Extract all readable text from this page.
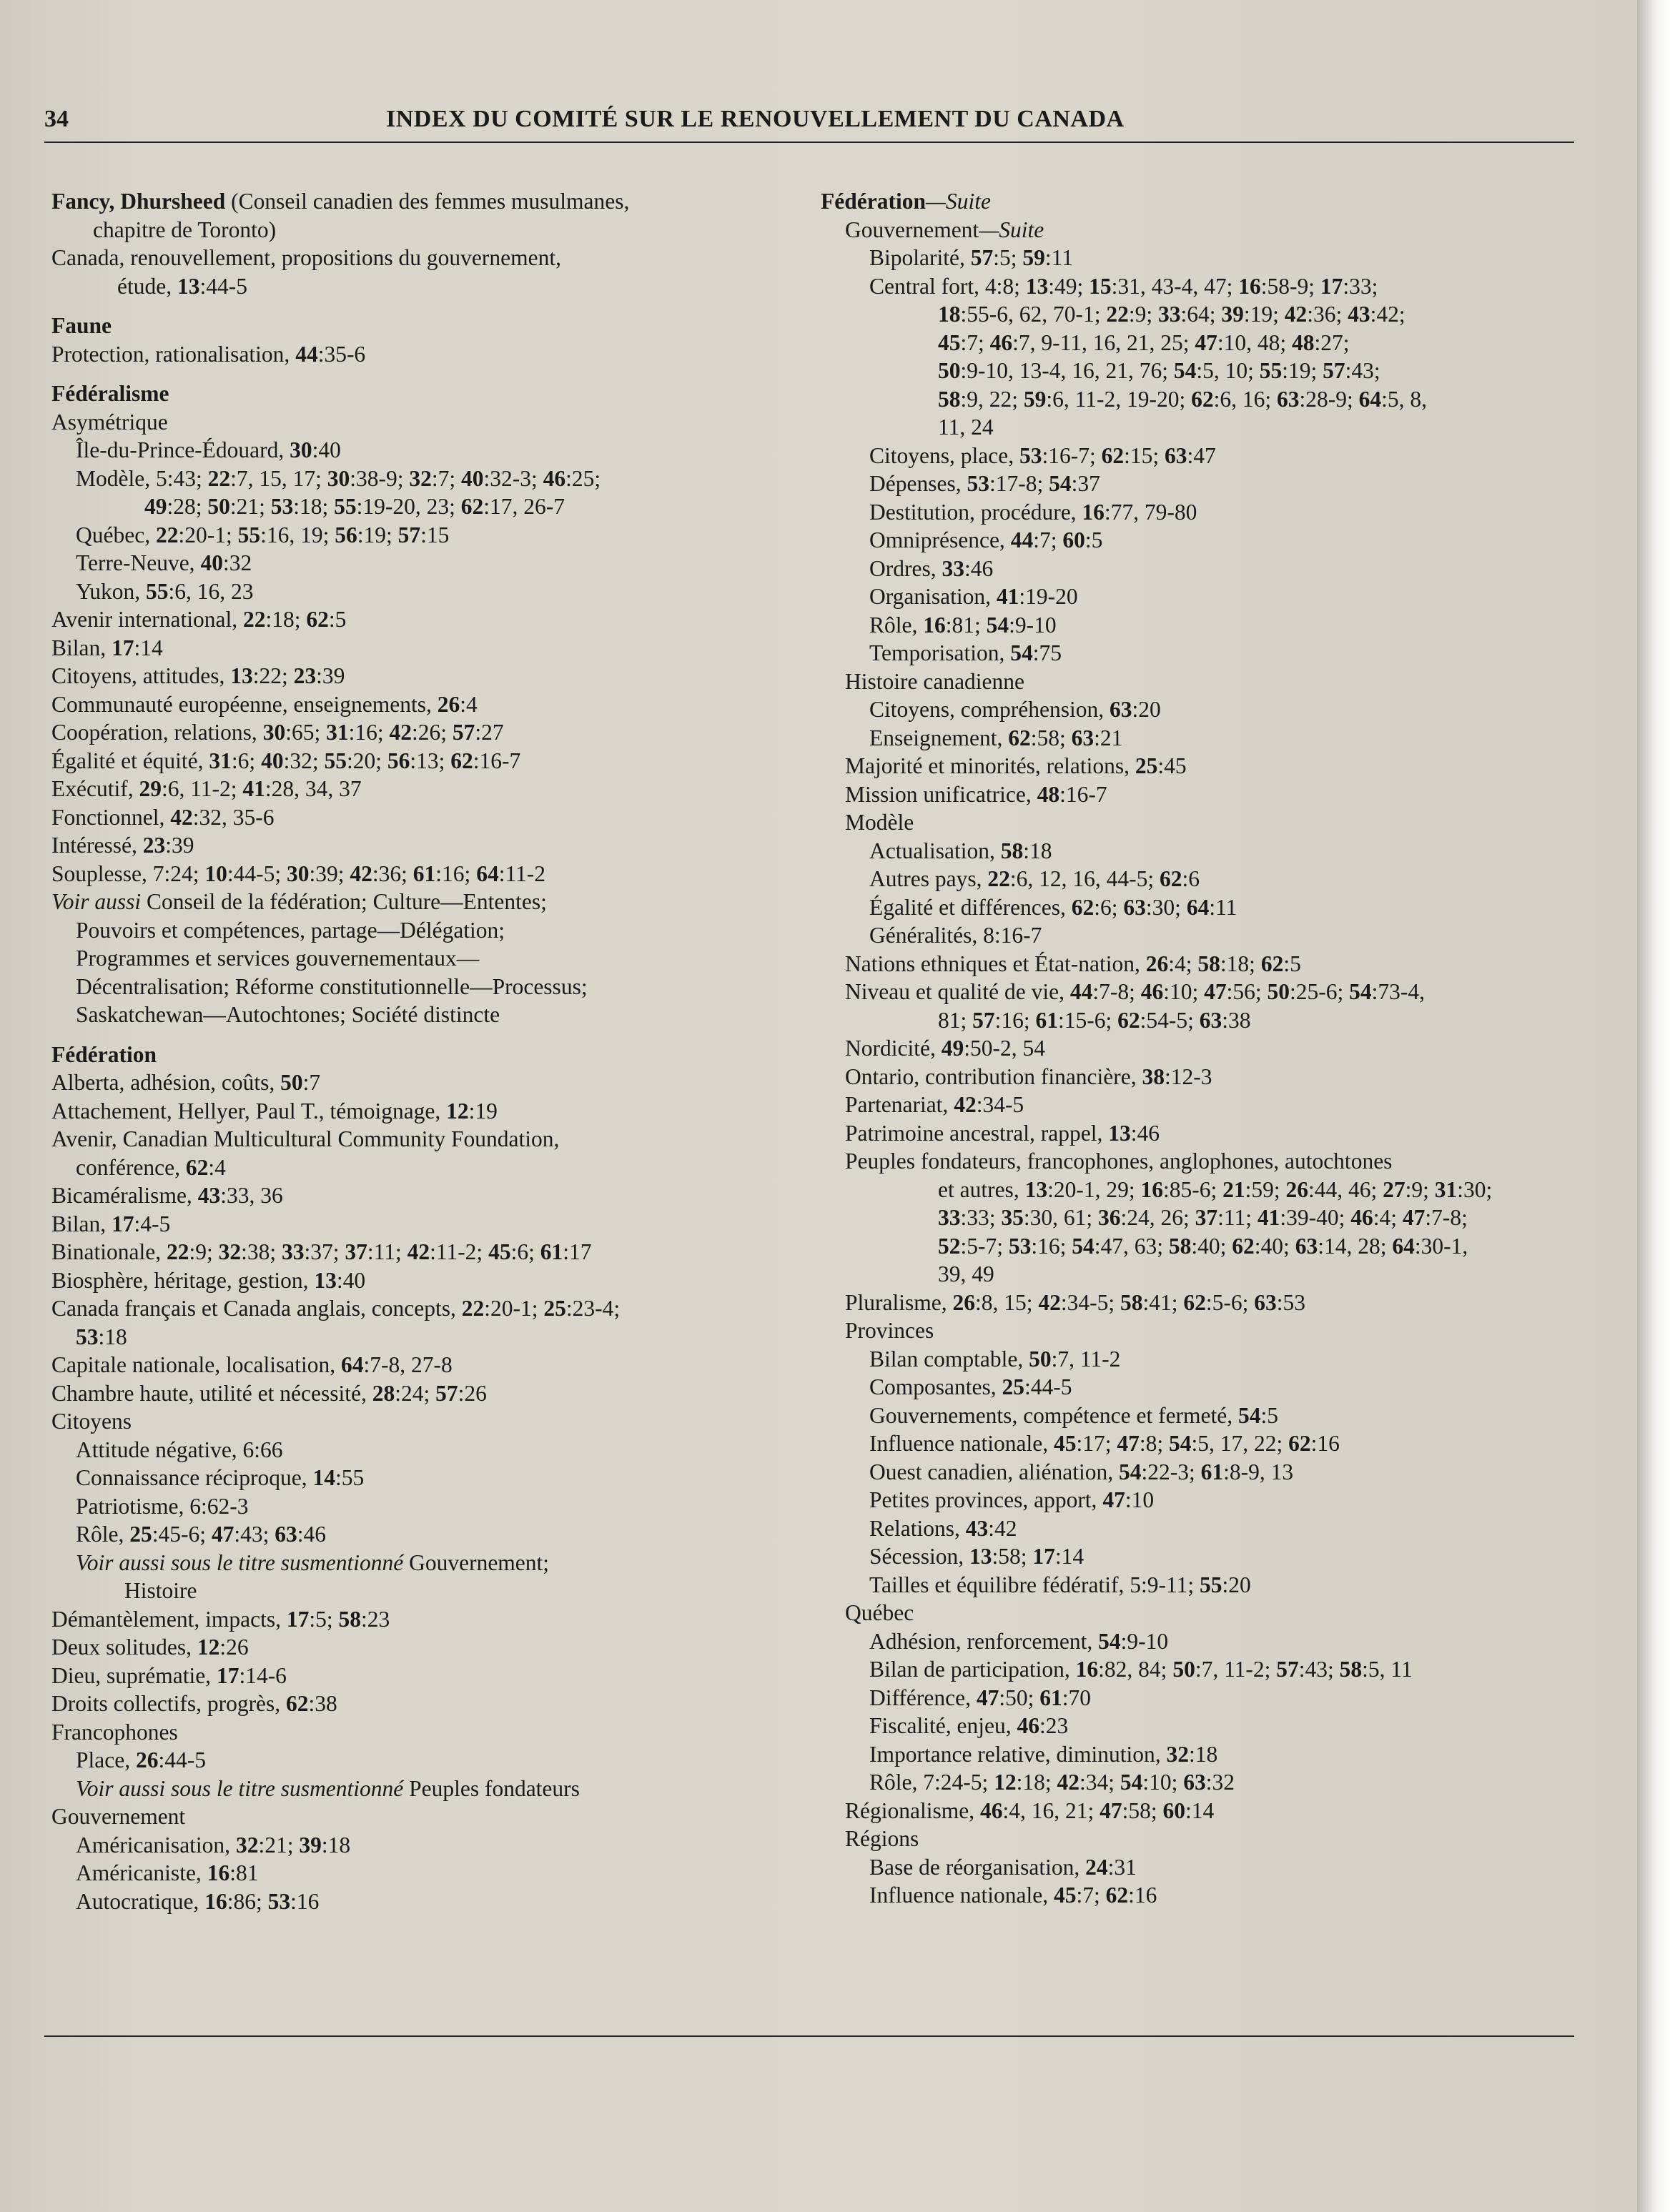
34	INDEX DU COMITÉ SUR LE RENOUVELLEMENT DU CANADA
Fancy, Dhursheed (Conseil canadien des femmes musulmanes,
chapitre de Toronto)
Canada, renouvellement, propositions du gouvernement,
étude, 13:44-5
Faune
Protection, rationalisation, 44:35-6
Fédéralisme
Asymétrique
Île-du-Prince-Édouard, 30:40
Modèle, 5:43; 22:7, 15, 17; 30:38-9; 32:7; 40:32-3; 46:25;
49:28; 50:21; 53:18; 55:19-20, 23; 62:17, 26-7
Québec, 22:20-1; 55:16, 19; 56:19; 57:15
Terre-Neuve, 40:32
Yukon, 55:6, 16, 23
Avenir international, 22:18; 62:5
Bilan, 17:14
Citoyens, attitudes, 13:22; 23:39
Communauté européenne, enseignements, 26:4
Coopération, relations, 30:65; 31:16; 42:26; 57:27
Égalité et équité, 31:6; 40:32; 55:20; 56:13; 62:16-7
Exécutif, 29:6, 11-2; 41:28, 34, 37
Fonctionnel, 42:32, 35-6
Intéressé, 23:39
Souplesse, 7:24; 10:44-5; 30:39; 42:36; 61:16; 64:11-2
Voir aussi Conseil de la fédération; Culture—Ententes;
Pouvoirs et compétences, partage—Délégation;
Programmes et services gouvernementaux—
Décentralisation; Réforme constitutionnelle—Processus;
Saskatchewan—Autochtones; Société distincte
Fédération
Alberta, adhésion, coûts, 50:7
Attachement, Hellyer, Paul T., témoignage, 12:19
Avenir, Canadian Multicultural Community Foundation,
conférence, 62:4
Bicaméralisme, 43:33, 36
Bilan, 17:4-5
Binationale, 22:9; 32:38; 33:37; 37:11; 42:11-2; 45:6; 61:17
Biosphère, héritage, gestion, 13:40
Canada français et Canada anglais, concepts, 22:20-1; 25:23-4;
53:18
Capitale nationale, localisation, 64:7-8, 27-8
Chambre haute, utilité et nécessité, 28:24; 57:26
Citoyens
Attitude négative, 6:66
Connaissance réciproque, 14:55
Patriotisme, 6:62-3
Rôle, 25:45-6; 47:43; 63:46
Voir aussi sous le titre susmentionné Gouvernement;
Histoire
Démantèlement, impacts, 17:5; 58:23
Deux solitudes, 12:26
Dieu, suprématie, 17:14-6
Droits collectifs, progrès, 62:38
Francophones
Place, 26:44-5
Voir aussi sous le titre susmentionné Peuples fondateurs
Gouvernement
Américanisation, 32:21; 39:18
Américaniste, 16:81
Autocratique, 16:86; 53:16
Fédération—Suite
Gouvernement—Suite
Bipolarité, 57:5; 59:11
Central fort, 4:8; 13:49; 15:31, 43-4, 47; 16:58-9; 17:33;
18:55-6, 62, 70-1; 22:9; 33:64; 39:19; 42:36; 43:42;
45:7; 46:7, 9-11, 16, 21, 25; 47:10, 48; 48:27;
50:9-10, 13-4, 16, 21, 76; 54:5, 10; 55:19; 57:43;
58:9, 22; 59:6, 11-2, 19-20; 62:6, 16; 63:28-9; 64:5, 8,
11, 24
Citoyens, place, 53:16-7; 62:15; 63:47
Dépenses, 53:17-8; 54:37
Destitution, procédure, 16:77, 79-80
Omniprésence, 44:7; 60:5
Ordres, 33:46
Organisation, 41:19-20
Rôle, 16:81; 54:9-10
Temporisation, 54:75
Histoire canadienne
Citoyens, compréhension, 63:20
Enseignement, 62:58; 63:21
Majorité et minorités, relations, 25:45
Mission unificatrice, 48:16-7
Modèle
Actualisation, 58:18
Autres pays, 22:6, 12, 16, 44-5; 62:6
Égalité et différences, 62:6; 63:30; 64:11
Généralités, 8:16-7
Nations ethniques et État-nation, 26:4; 58:18; 62:5
Niveau et qualité de vie, 44:7-8; 46:10; 47:56; 50:25-6; 54:73-4,
81; 57:16; 61:15-6; 62:54-5; 63:38
Nordicité, 49:50-2, 54
Ontario, contribution financière, 38:12-3
Partenariat, 42:34-5
Patrimoine ancestral, rappel, 13:46
Peuples fondateurs, francophones, anglophones, autochtones
et autres, 13:20-1, 29; 16:85-6; 21:59; 26:44, 46; 27:9; 31:30;
33:33; 35:30, 61; 36:24, 26; 37:11; 41:39-40; 46:4; 47:7-8;
52:5-7; 53:16; 54:47, 63; 58:40; 62:40; 63:14, 28; 64:30-1,
39, 49
Pluralisme, 26:8, 15; 42:34-5; 58:41; 62:5-6; 63:53
Provinces
Bilan comptable, 50:7, 11-2
Composantes, 25:44-5
Gouvernements, compétence et fermeté, 54:5
Influence nationale, 45:17; 47:8; 54:5, 17, 22; 62:16
Ouest canadien, aliénation, 54:22-3; 61:8-9, 13
Petites provinces, apport, 47:10
Relations, 43:42
Sécession, 13:58; 17:14
Tailles et équilibre fédératif, 5:9-11; 55:20
Québec
Adhésion, renforcement, 54:9-10
Bilan de participation, 16:82, 84; 50:7, 11-2; 57:43; 58:5, 11
Différence, 47:50; 61:70
Fiscalité, enjeu, 46:23
Importance relative, diminution, 32:18
Rôle, 7:24-5; 12:18; 42:34; 54:10; 63:32
Régionalisme, 46:4, 16, 21; 47:58; 60:14
Régions
Base de réorganisation, 24:31
Influence nationale, 45:7; 62:16
